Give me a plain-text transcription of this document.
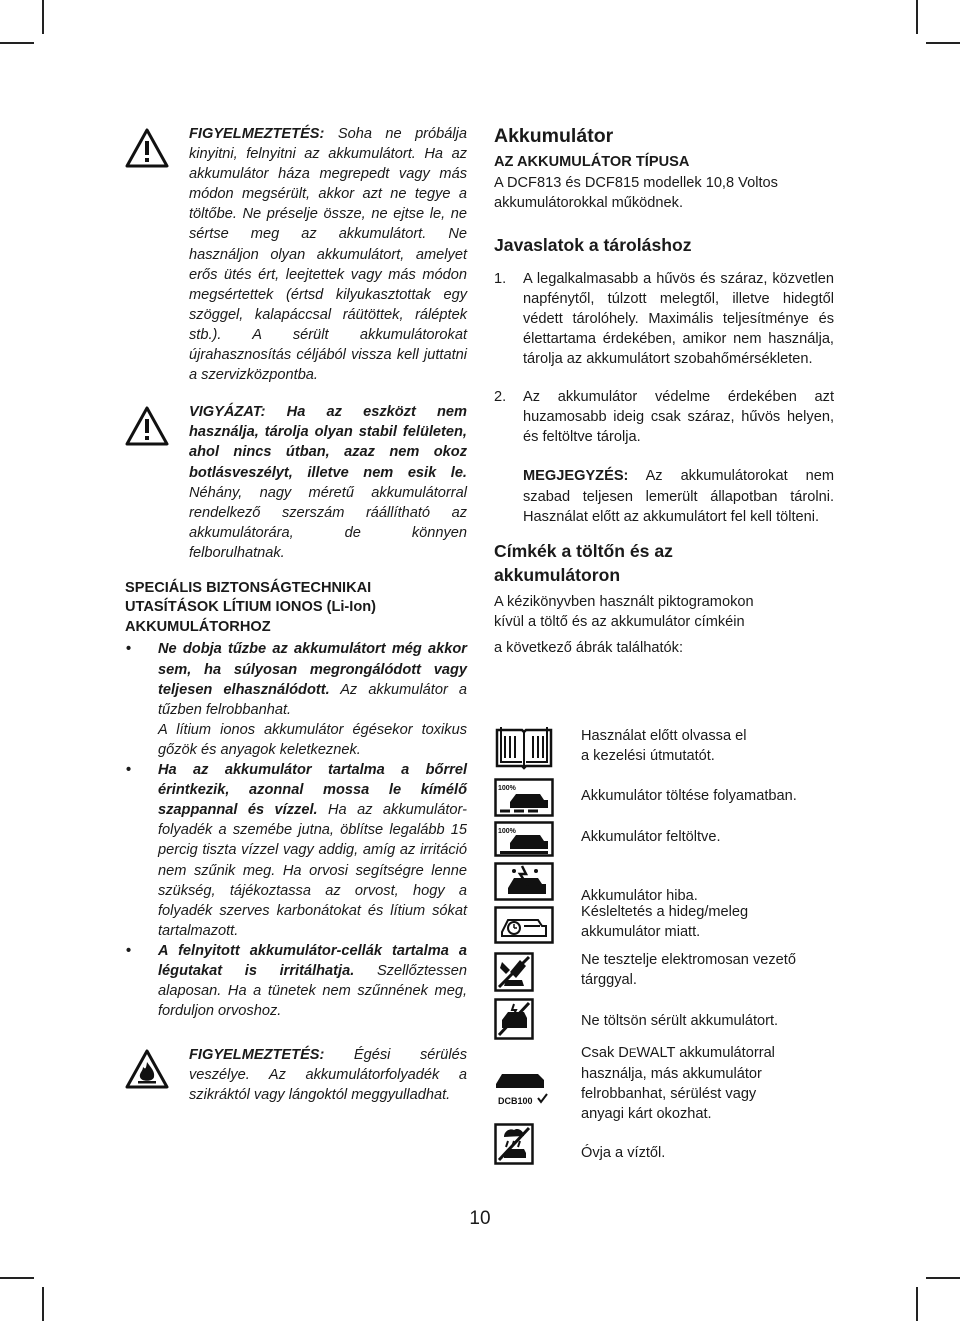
FIGYELMEZTETÉS: Soha ne próbálja kinyitni, felnyitni az akkumulátort. Ha az akkumulátor háza megrepedt vagy más módon megsérült, akkor azt ne tegye a töltőbe. Ne préselje össze, ne ejtse le, ne sértse meg az akkumulátort. Ne használjon olyan akkumulátort, amelyet erős ütés ért, leejtettek vagy más módon megsértettek (értsd kilyukasztottak egy szöggel, kalapáccsal ráütöttek, ráléptek stb.). A sérült akkumulátorokat újrahasznosítás céljából vissza kell juttatni a szervizközpontba.

VIGYÁZAT: Ha az eszközt nem használja, tárolja olyan stabil felületen, ahol nincs útban, azaz nem okoz botlásveszélyt, illetve nem esik le. Néhány, nagy méretű akkumulátorral rendelkező szerszám ráállítható az akkumulátorára, de könnyen felborulhatnak.

SPECIÁLIS BIZTONSÁGTECHNIKAI UTASÍTÁSOK LÍTIUM IONOS (Li-Ion) AKKUMULÁTORHOZ
• Ne dobja tűzbe az akkumulátort még akkor sem, ha súlyosan megrongálódott vagy teljesen elhasználódott. Az akkumulátor a tűzben felrobbanhat.
A lítium ionos akkumulátor égésekor toxikus gőzök és anyagok keletkeznek.
• Ha az akkumulátor tartalma a bőrrel érintkezik, azonnal mossa le kímélő szappannal és vízzel. Ha az akkumulátor-folyadék a szemébe jutna, öblítse legalább 15 percig tiszta vízzel vagy addig, amíg az irritáció nem szűnik meg. Ha orvosi segítségre lenne szükség, tájékoztassa az orvost, hogy a folyadék szerves karbonátokat és lítium sókat tartalmazott.
• A felnyitott akkumulátor-cellák tartalma a légutakat is irritálhatja. Szellőztessen alaposan. Ha a tünetek nem szűnnének meg, forduljon orvoshoz.

FIGYELMEZTETÉS: Égési sérülés veszélye. Az akkumulátorfolyadék a szikráktól vagy lángoktól meggyulladhat.

Akkumulátor
AZ AKKUMULÁTOR TÍPUSA
A DCF813 és DCF815 modellek 10,8 Voltos akkumulátorokkal működnek.
Javaslatok a tároláshoz
1. A legalkalmasabb a hűvös és száraz, közvetlen napfénytől, túlzott melegtől, illetve hidegtől védett tárolóhely. Maximális teljesítménye és élettartama érdekében, amikor nem használja, tárolja az akkumulátort szobahőmérsékleten.
2. Az akkumulátor védelme érdekében azt huzamosabb ideig csak száraz, hűvös helyen, és feltöltve tárolja.
MEGJEGYZÉS: Az akkumulátorokat nem szabad teljesen lemerült állapotban tárolni. Használat előtt az akkumulátort fel kell tölteni.
Címkék a töltőn és az
akkumulátoron
A kézikönyvben használt piktogramokon
kívül a töltő és az akkumulátor címkéin
a következő ábrák találhatók:
Használat előtt olvassa el
a kezelési útmutatót.
100%	Akkumulátor töltése folyamatban.
100%	Akkumulátor feltöltve.
Akkumulátor hiba.
Késleltetés a hideg/meleg
akkumulátor miatt.
Ne tesztelje elektromosan vezető
tárggyal.
Ne töltsön sérült akkumulátort.
DCB100
Csak DEWALT akkumulátorral
használja, más akkumulátor
felrobbanhat, sérülést vagy
anyagi kárt okozhat.
Óvja a víztől.
10
